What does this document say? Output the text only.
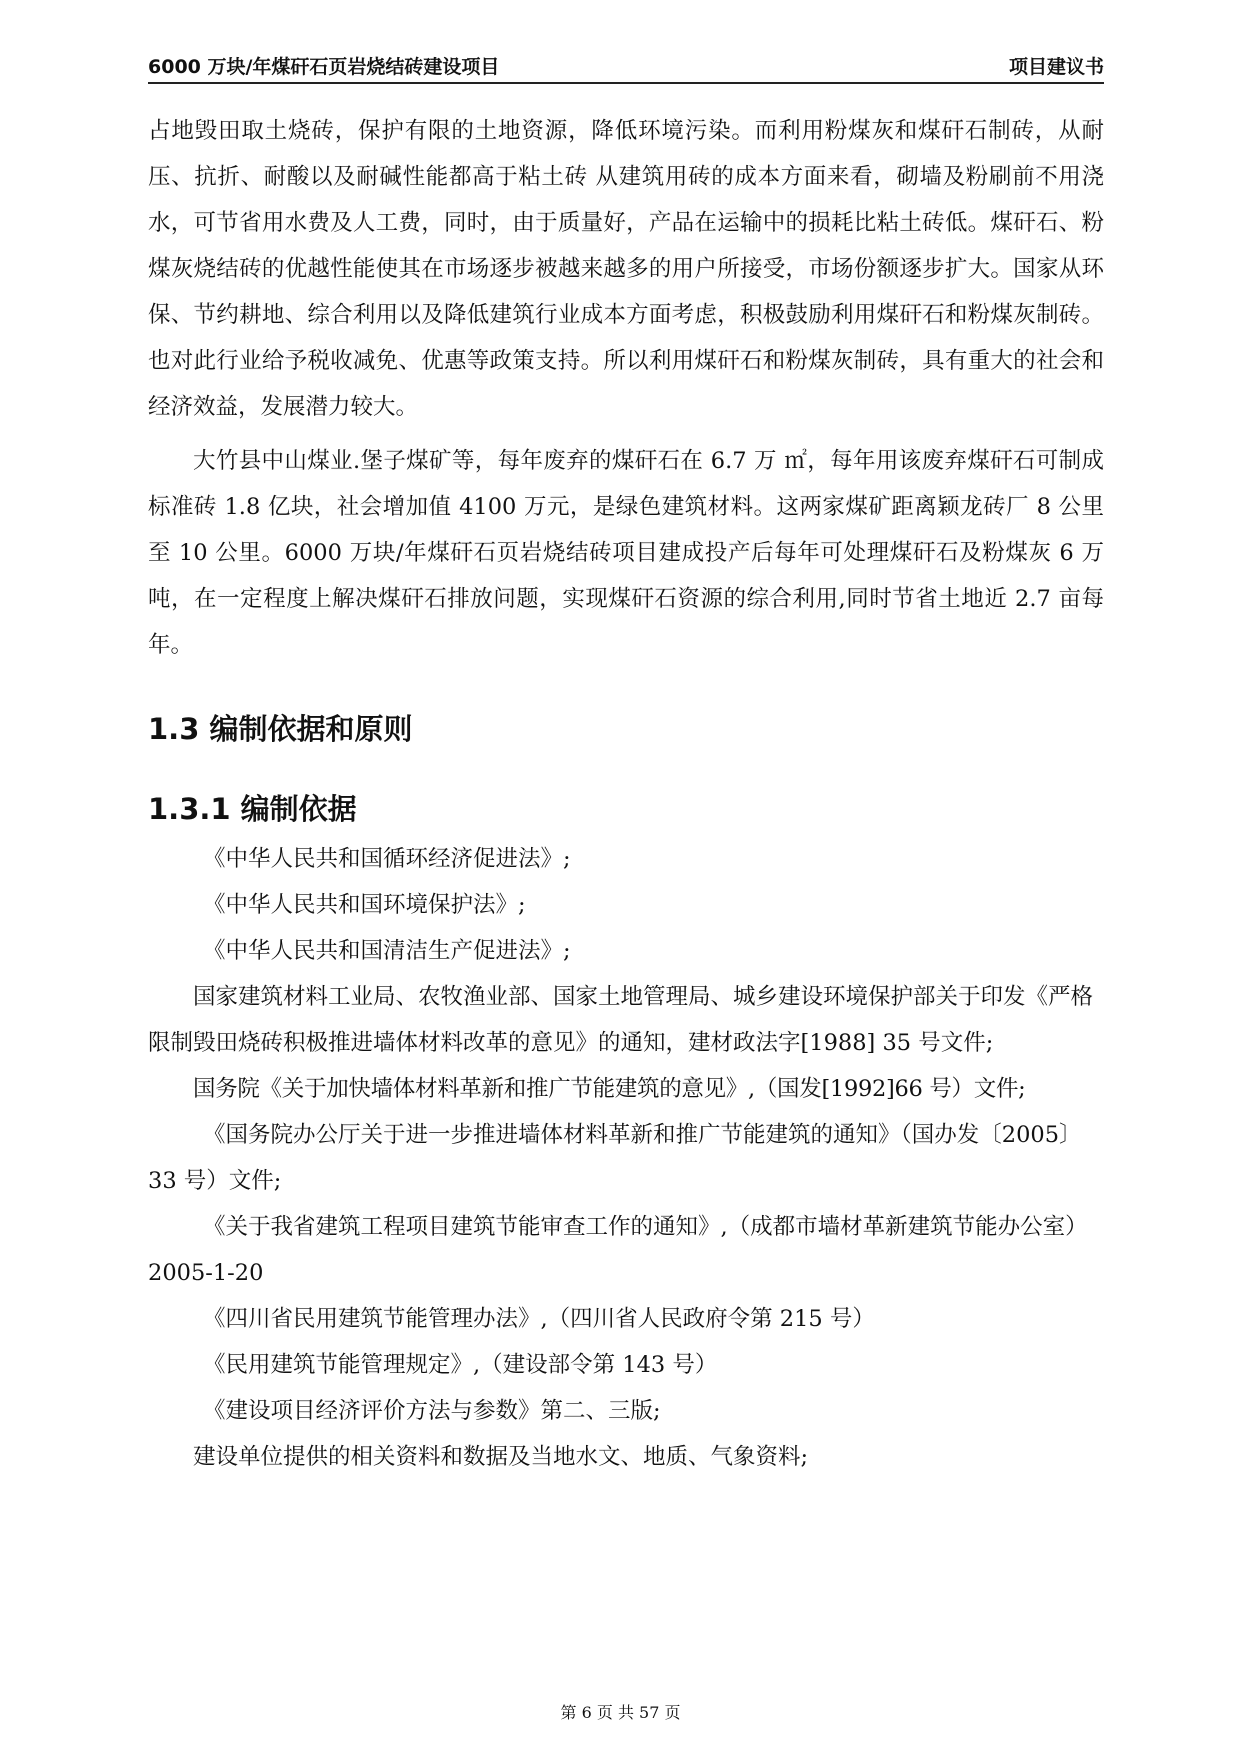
6000 万块/年煤矸石页岩烧结砖建设项目	项目建议书

占地毁田取土烧砖，保护有限的土地资源，降低环境污染。而利用粉煤灰和煤矸石制砖，从耐压、抗折、耐酸以及耐碱性能都高于粘土砖 从建筑用砖的成本方面来看，砌墙及粉刷前不用浇水，可节省用水费及人工费，同时，由于质量好，产品在运输中的损耗比粘土砖低。煤矸石、粉煤灰烧结砖的优越性能使其在市场逐步被越来越多的用户所接受，市场份额逐步扩大。国家从环保、节约耕地、综合利用以及降低建筑行业成本方面考虑，积极鼓励利用煤矸石和粉煤灰制砖。也对此行业给予税收减免、优惠等政策支持。所以利用煤矸石和粉煤灰制砖，具有重大的社会和经济效益，发展潜力较大。

大竹县中山煤业.堡子煤矿等，每年废弃的煤矸石在 6.7 万 ㎡，每年用该废弃煤矸石可制成标准砖 1.8 亿块，社会增加值 4100 万元，是绿色建筑材料。这两家煤矿距离颖龙砖厂 8 公里至 10 公里。6000 万块/年煤矸石页岩烧结砖项目建成投产后每年可处理煤矸石及粉煤灰 6 万吨，在一定程度上解决煤矸石排放问题，实现煤矸石资源的综合利用,同时节省土地近 2.7 亩每年。

1.3 编制依据和原则
1.3.1 编制依据

《中华人民共和国循环经济促进法》;

《中华人民共和国环境保护法》;

《中华人民共和国清洁生产促进法》;

国家建筑材料工业局、农牧渔业部、国家土地管理局、城乡建设环境保护部关于印发《严格限制毁田烧砖积极推进墙体材料改革的意见》的通知，建材政法字[1988] 35 号文件;

国务院《关于加快墙体材料革新和推广节能建筑的意见》,（国发[1992]66 号）文件;

《国务院办公厅关于进一步推进墙体材料革新和推广节能建筑的通知》（国办发〔2005〕33 号）文件;

《关于我省建筑工程项目建筑节能审查工作的通知》,（成都市墙材革新建筑节能办公室）2005-1-20

《四川省民用建筑节能管理办法》,（四川省人民政府令第 215 号）

《民用建筑节能管理规定》,（建设部令第 143 号）

《建设项目经济评价方法与参数》第二、三版;

建设单位提供的相关资料和数据及当地水文、地质、气象资料;

第 6 页 共 57 页
